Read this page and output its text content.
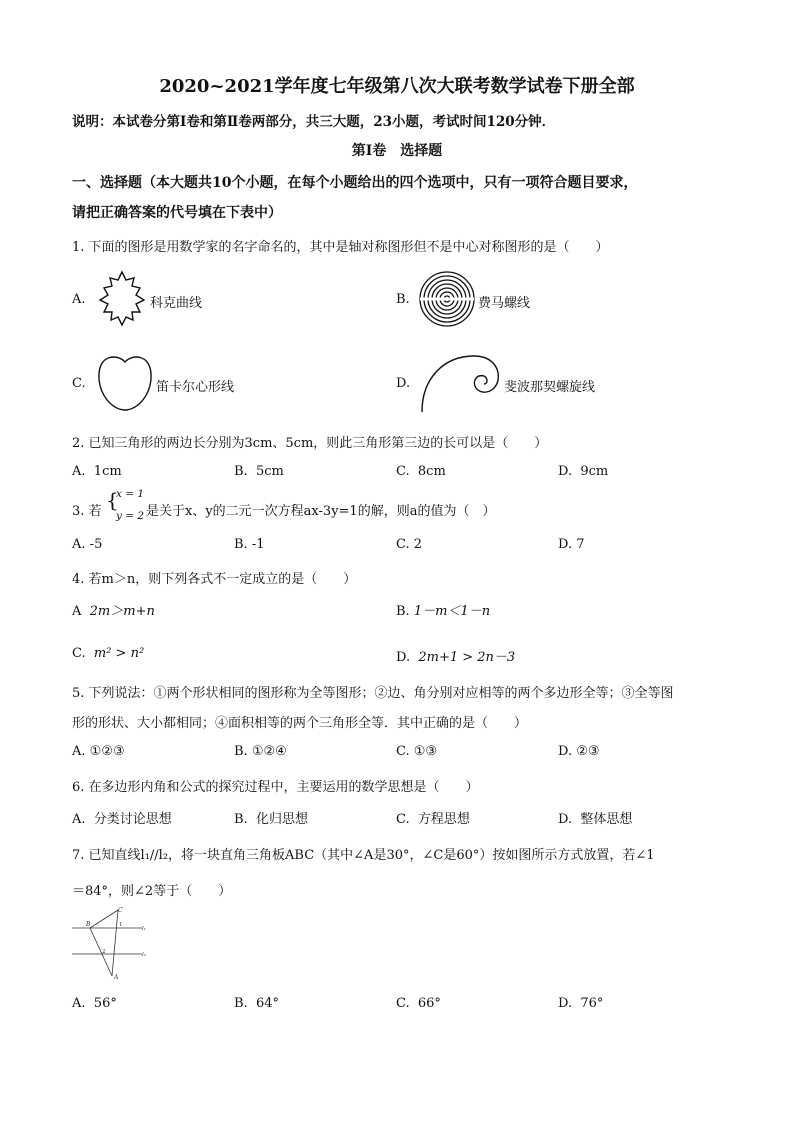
2020~2021学年度七年级第八次大联考数学试卷下册全部
说明：本试卷分第Ⅰ卷和第Ⅱ卷两部分，共三大题，23小题，考试时间120分钟．
第Ⅰ卷　选择题
一、选择题（本大题共10个小题，在每个小题给出的四个选项中，只有一项符合题目要求，
请把正确答案的代号填在下表中）
1. 下面的图形是用数学家的名字命名的，其中是轴对称图形但不是中心对称图形的是（　　）
A.	科克曲线	B.	费马螺线
C.	笛卡尔心形线	D.	斐波那契螺旋线
2. 已知三角形的两边长分别为3cm、5cm，则此三角形第三边的长可以是（　　）
A. 1cm	B. 5cm	C. 8cm	D. 9cm
3. 若 {
x = 1
y = 2 是关于x、y的二元一次方程ax-3y=1的解，则a的值为（　）
A. -5	B. -1	C. 2	D. 7
4. 若m＞n，则下列各式不一定成立的是（　　）
A 2m＞m+n	B. 1－m＜1－n
C. m² > n²	D. 2m+1 > 2n－3
5. 下列说法：①两个形状相同的图形称为全等图形；②边、角分别对应相等的两个多边形全等；③全等图
形的形状、大小都相同；④面积相等的两个三角形全等．其中正确的是（　　）
A. ①②③	B. ①②④	C. ①③	D. ②③
6. 在多边形内角和公式的探究过程中，主要运用的数学思想是（　　）
A. 分类讨论思想	B. 化归思想	C. 方程思想	D. 整体思想
7. 已知直线l₁//l₂，将一块直角三角板ABC（其中∠A是30°，∠C是60°）按如图所示方式放置，若∠1
＝84°，则∠2等于（　　）
B
C
A
1
2
l₁
l₂
A. 56°	B. 64°	C. 66°	D. 76°
